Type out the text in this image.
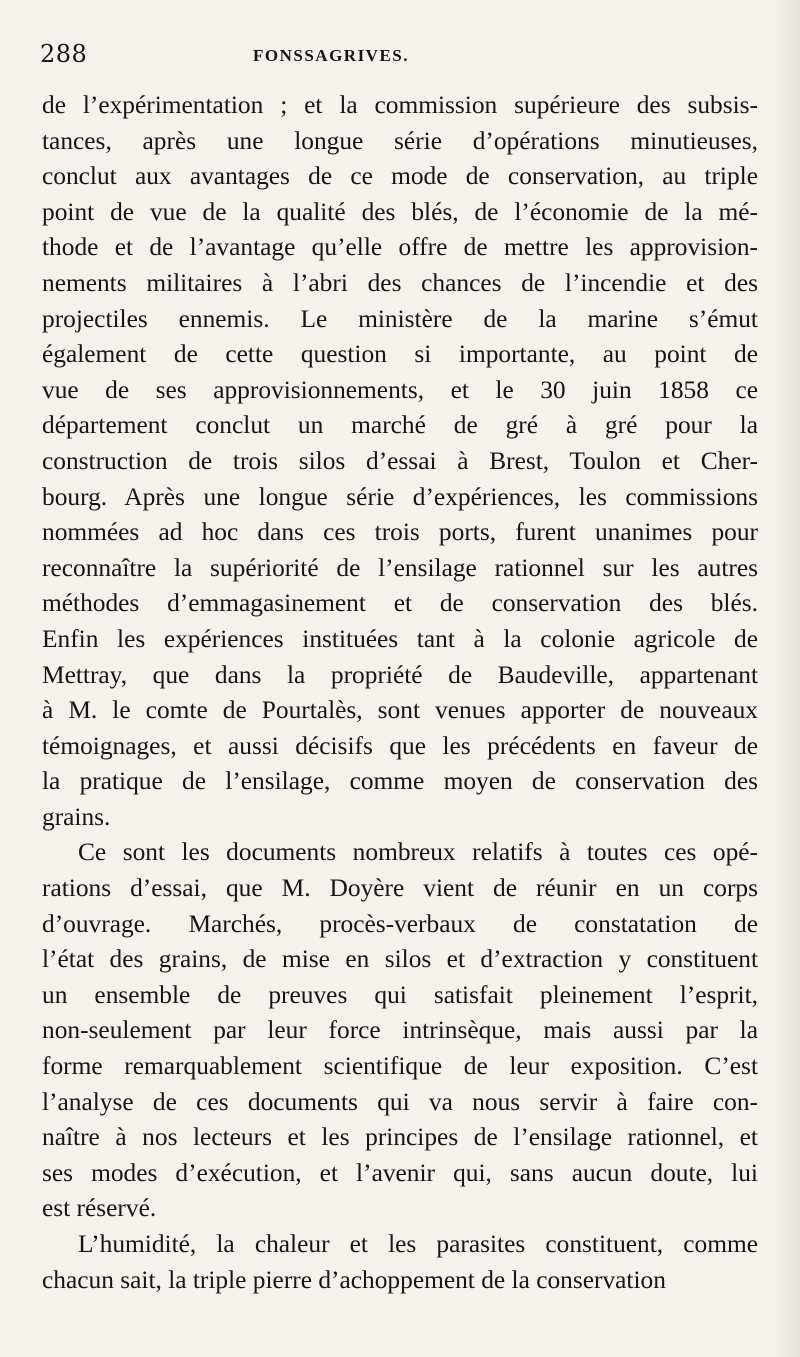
288	FONSSAGRIVES.

de l’expérimentation ; et la commission supérieure des subsis-
tances, après une longue série d’opérations minutieuses,
conclut aux avantages de ce mode de conservation, au triple
point de vue de la qualité des blés, de l’économie de la mé-
thode et de l’avantage qu’elle offre de mettre les approvision-
nements militaires à l’abri des chances de l’incendie et des
projectiles ennemis. Le ministère de la marine s’émut
également de cette question si importante, au point de
vue de ses approvisionnements, et le 30 juin 1858 ce
département conclut un marché de gré à gré pour la
construction de trois silos d’essai à Brest, Toulon et Cher-
bourg. Après une longue série d’expériences, les commissions
nommées ad hoc dans ces trois ports, furent unanimes pour
reconnaître la supériorité de l’ensilage rationnel sur les autres
méthodes d’emmagasinement et de conservation des blés.
Enfin les expériences instituées tant à la colonie agricole de
Mettray, que dans la propriété de Baudeville, appartenant
à M. le comte de Pourtalès, sont venues apporter de nouveaux
témoignages, et aussi décisifs que les précédents en faveur de
la pratique de l’ensilage, comme moyen de conservation des
grains.

Ce sont les documents nombreux relatifs à toutes ces opé-
rations d’essai, que M. Doyère vient de réunir en un corps
d’ouvrage. Marchés, procès-verbaux de constatation de
l’état des grains, de mise en silos et d’extraction y constituent
un ensemble de preuves qui satisfait pleinement l’esprit,
non-seulement par leur force intrinsèque, mais aussi par la
forme remarquablement scientifique de leur exposition. C’est
l’analyse de ces documents qui va nous servir à faire con-
naître à nos lecteurs et les principes de l’ensilage rationnel, et
ses modes d’exécution, et l’avenir qui, sans aucun doute, lui
est réservé.

L’humidité, la chaleur et les parasites constituent, comme
chacun sait, la triple pierre d’achoppement de la conservation
